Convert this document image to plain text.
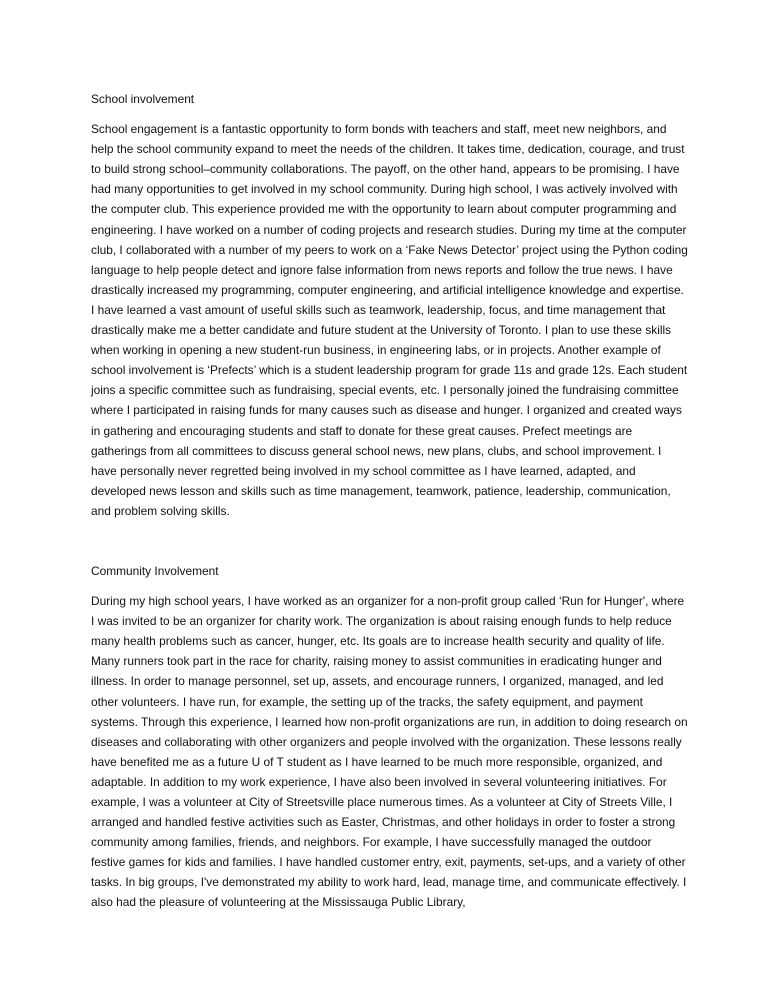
School involvement

School engagement is a fantastic opportunity to form bonds with teachers and staff, meet new neighbors, and help the school community expand to meet the needs of the children. It takes time, dedication, courage, and trust to build strong school–community collaborations. The payoff, on the other hand, appears to be promising. I have had many opportunities to get involved in my school community. During high school, I was actively involved with the computer club. This experience provided me with the opportunity to learn about computer programming and engineering. I have worked on a number of coding projects and research studies. During my time at the computer club, I collaborated with a number of my peers to work on a ‘Fake News Detector’ project using the Python coding language to help people detect and ignore false information from news reports and follow the true news. I have drastically increased my programming, computer engineering, and artificial intelligence knowledge and expertise. I have learned a vast amount of useful skills such as teamwork, leadership, focus, and time management that drastically make me a better candidate and future student at the University of Toronto. I plan to use these skills when working in opening a new student-run business, in engineering labs, or in projects. Another example of school involvement is ‘Prefects’ which is a student leadership program for grade 11s and grade 12s. Each student joins a specific committee such as fundraising, special events, etc. I personally joined the fundraising committee where I participated in raising funds for many causes such as disease and hunger. I organized and created ways in gathering and encouraging students and staff to donate for these great causes. Prefect meetings are gatherings from all committees to discuss general school news, new plans, clubs, and school improvement. I have personally never regretted being involved in my school committee as I have learned, adapted, and developed news lesson and skills such as time management, teamwork, patience, leadership, communication, and problem solving skills.

Community Involvement

During my high school years, I have worked as an organizer for a non-profit group called ‘Run for Hunger', where I was invited to be an organizer for charity work. The organization is about raising enough funds to help reduce many health problems such as cancer, hunger, etc. Its goals are to increase health security and quality of life. Many runners took part in the race for charity, raising money to assist communities in eradicating hunger and illness. In order to manage personnel, set up, assets, and encourage runners, I organized, managed, and led other volunteers. I have run, for example, the setting up of the tracks, the safety equipment, and payment systems. Through this experience, I learned how non-profit organizations are run, in addition to doing research on diseases and collaborating with other organizers and people involved with the organization. These lessons really have benefited me as a future U of T student as I have learned to be much more responsible, organized, and adaptable. In addition to my work experience, I have also been involved in several volunteering initiatives. For example, I was a volunteer at City of Streetsville place numerous times. As a volunteer at City of Streets Ville, I arranged and handled festive activities such as Easter, Christmas, and other holidays in order to foster a strong community among families, friends, and neighbors. For example, I have successfully managed the outdoor festive games for kids and families. I have handled customer entry, exit, payments, set-ups, and a variety of other tasks. In big groups, I've demonstrated my ability to work hard, lead, manage time, and communicate effectively. I also had the pleasure of volunteering at the Mississauga Public Library,
